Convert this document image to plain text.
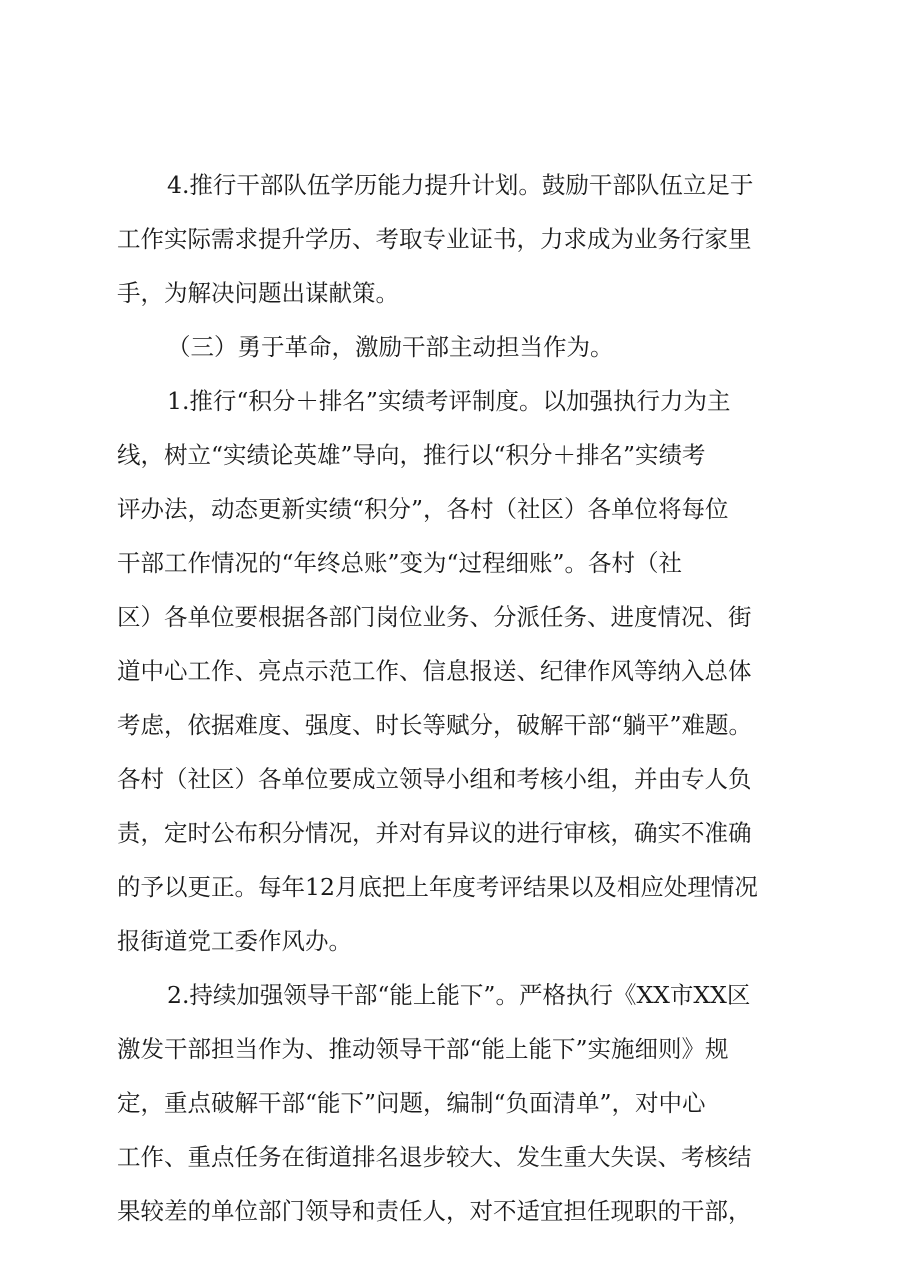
4.推行干部队伍学历能力提升计划。鼓励干部队伍立足于

工作实际需求提升学历、考取专业证书，力求成为业务行家里

手，为解决问题出谋献策。

（三）勇于革命，激励干部主动担当作为。

1.推行“积分＋排名”实绩考评制度。以加强执行力为主

线，树立“实绩论英雄”导向，推行以“积分＋排名”实绩考

评办法，动态更新实绩“积分”，各村（社区）各单位将每位

干部工作情况的“年终总账”变为“过程细账”。各村（社

区）各单位要根据各部门岗位业务、分派任务、进度情况、街

道中心工作、亮点示范工作、信息报送、纪律作风等纳入总体

考虑，依据难度、强度、时长等赋分，破解干部“躺平”难题。

各村（社区）各单位要成立领导小组和考核小组，并由专人负

责，定时公布积分情况，并对有异议的进行审核，确实不准确

的予以更正。每年12月底把上年度考评结果以及相应处理情况

报街道党工委作风办。

2.持续加强领导干部“能上能下”。严格执行《XX市XX区

激发干部担当作为、推动领导干部“能上能下”实施细则》规

定，重点破解干部“能下”问题，编制“负面清单”，对中心

工作、重点任务在街道排名退步较大、发生重大失误、考核结

果较差的单位部门领导和责任人，对不适宜担任现职的干部，
